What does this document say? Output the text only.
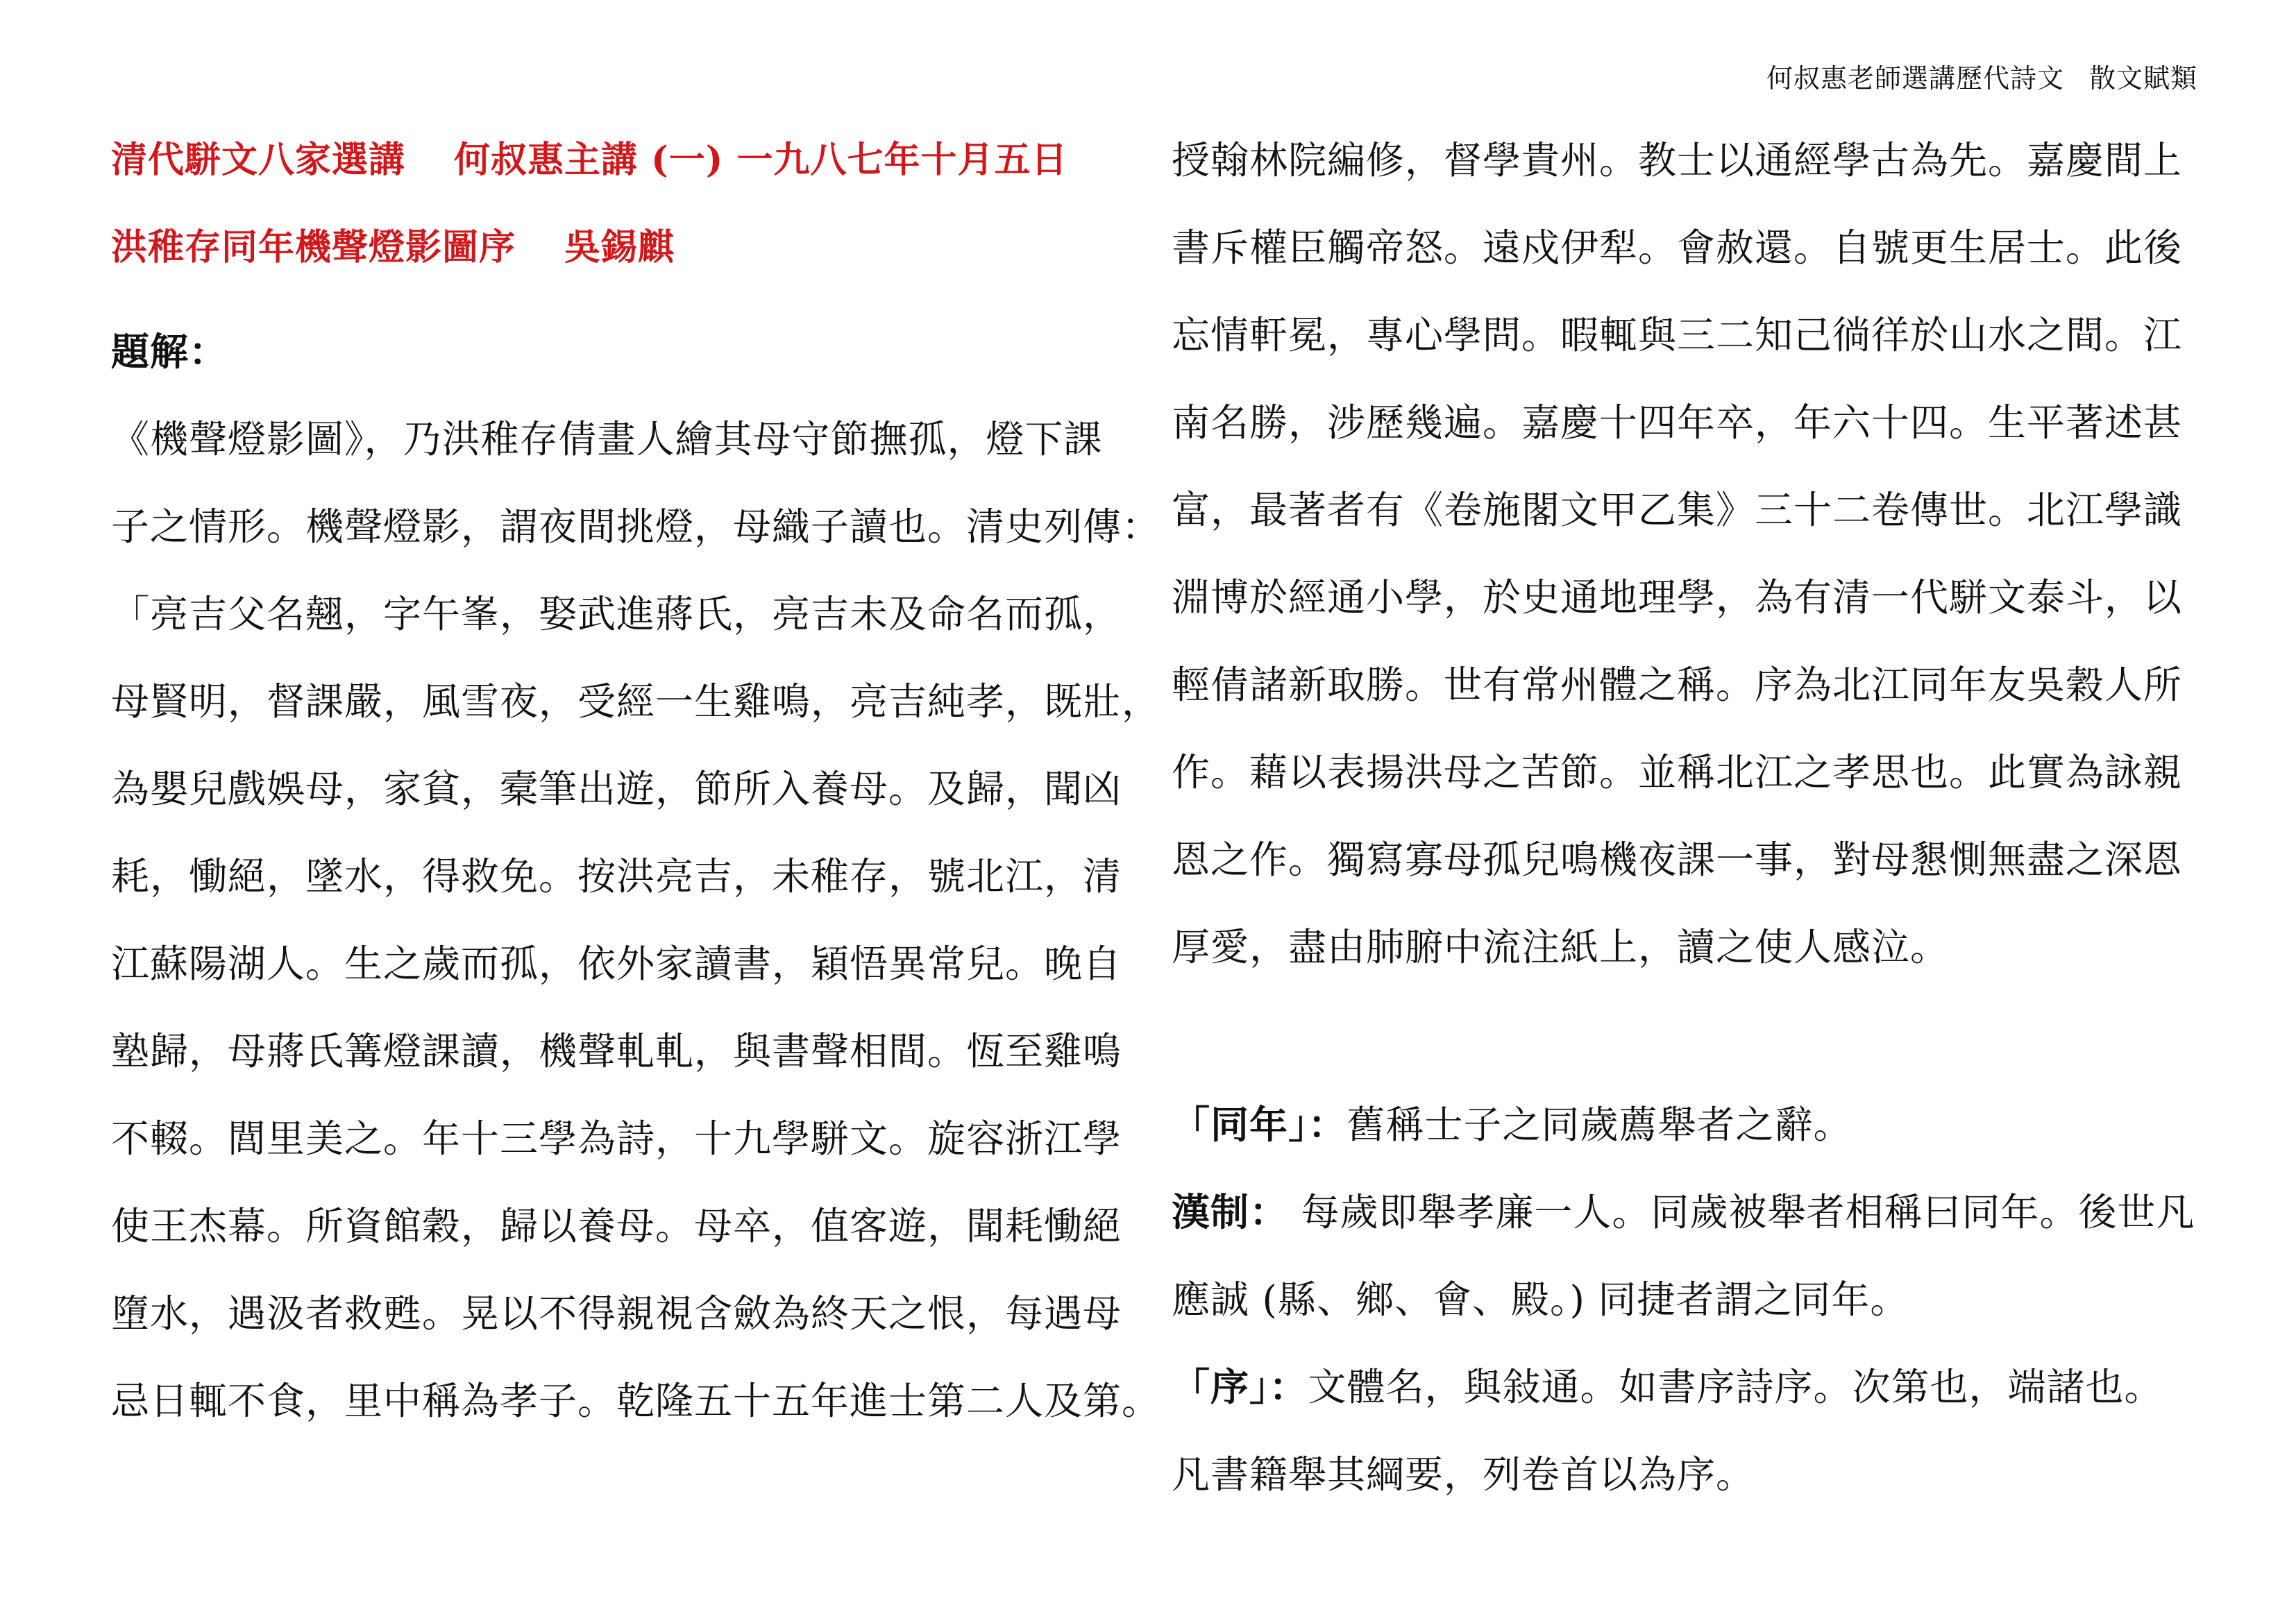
何叔惠老師選講歷代詩文 散文賦類
清代駢文八家選講 何叔惠主講 (一) 一九八七年十月五日
洪稚存同年機聲燈影圖序 吳錫麒
題解：
《機聲燈影圖》，乃洪稚存倩畫人繪其母守節撫孤，燈下課
子之情形。機聲燈影，謂夜間挑燈，母織子讀也。清史列傳：
「亮吉父名翹，字午峯，娶武進蔣氏，亮吉未及命名而孤，
母賢明，督課嚴，風雪夜，受經一生雞鳴，亮吉純孝，既壯，
為嬰兒戲娛母，家貧，槖筆出遊，節所入養母。及歸，聞凶
耗，慟絕，墜水，得救免。按洪亮吉，未稚存，號北江，清
江蘇陽湖人。生之歲而孤，依外家讀書，穎悟異常兒。晚自
塾歸，母蔣氏篝燈課讀，機聲軋軋，與書聲相間。恆至雞鳴
不輟。閭里美之。年十三學為詩，十九學駢文。旋容浙江學
使王杰幕。所資館穀，歸以養母。母卒，值客遊，聞耗慟絕
墮水，遇汲者救甦。晃以不得親視含斂為終天之恨，每遇母
忌日輒不食，里中稱為孝子。乾隆五十五年進士第二人及第。
授翰林院編修，督學貴州。教士以通經學古為先。嘉慶間上
書斥權臣觸帝怒。遠戍伊犁。會赦還。自號更生居士。此後
忘情軒冕，專心學問。暇輒與三二知己徜徉於山水之間。江
南名勝，涉歷幾遍。嘉慶十四年卒，年六十四。生平著述甚
富，最著者有《卷施閣文甲乙集》三十二卷傳世。北江學識
淵博於經通小學，於史通地理學，為有清一代駢文泰斗，以
輕倩諸新取勝。世有常州體之稱。序為北江同年友吳穀人所
作。藉以表揚洪母之苦節。並稱北江之孝思也。此實為詠親
恩之作。獨寫寡母孤兒鳴機夜課一事，對母懇惻無盡之深恩
厚愛，盡由肺腑中流注紙上，讀之使人感泣。
「同年」：舊稱士子之同歲薦舉者之辭。
漢制： 每歲即舉孝廉一人。同歲被舉者相稱曰同年。後世凡
應誠 (縣、鄉、會、殿。) 同捷者謂之同年。
「序」：文體名，與敍通。如書序詩序。次第也，端諸也。
凡書籍舉其綱要，列卷首以為序。
